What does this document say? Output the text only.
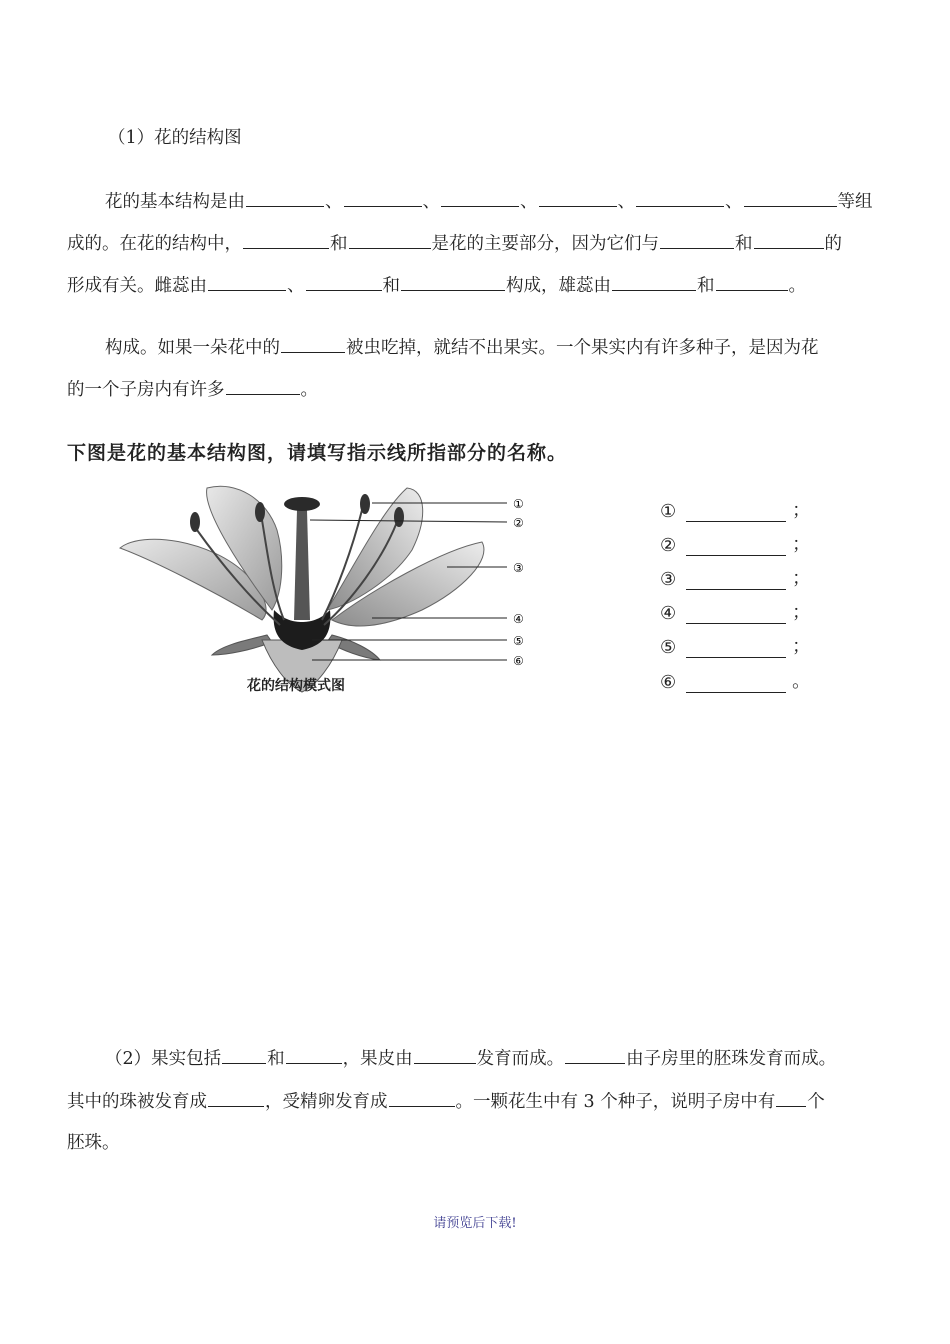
（1）花的结构图
花的基本结构是由	、	、	、	、	、	等组
成的。在花的结构中，	和	是花的主要部分，因为它们与	和	的
形成有关。雌蕊由	、	和	构成，雄蕊由	和	。
构成。如果一朵花中的	被虫吃掉，就结不出果实。一个果实内有许多种子，是因为花
的一个子房内有许多	。
下图是花的基本结构图，请填写指示线所指部分的名称。
①
②
③
④
⑤
⑥
花的结构模式图
①	；
②	；
③	；
④	；
⑤	；
⑥	。
（2）果实包括	和	，果皮由	发育而成。	由子房里的胚珠发育而成。
其中的珠被发育成	，受精卵发育成	。一颗花生中有 3 个种子，说明子房中有 个
胚珠。
请预览后下载!
